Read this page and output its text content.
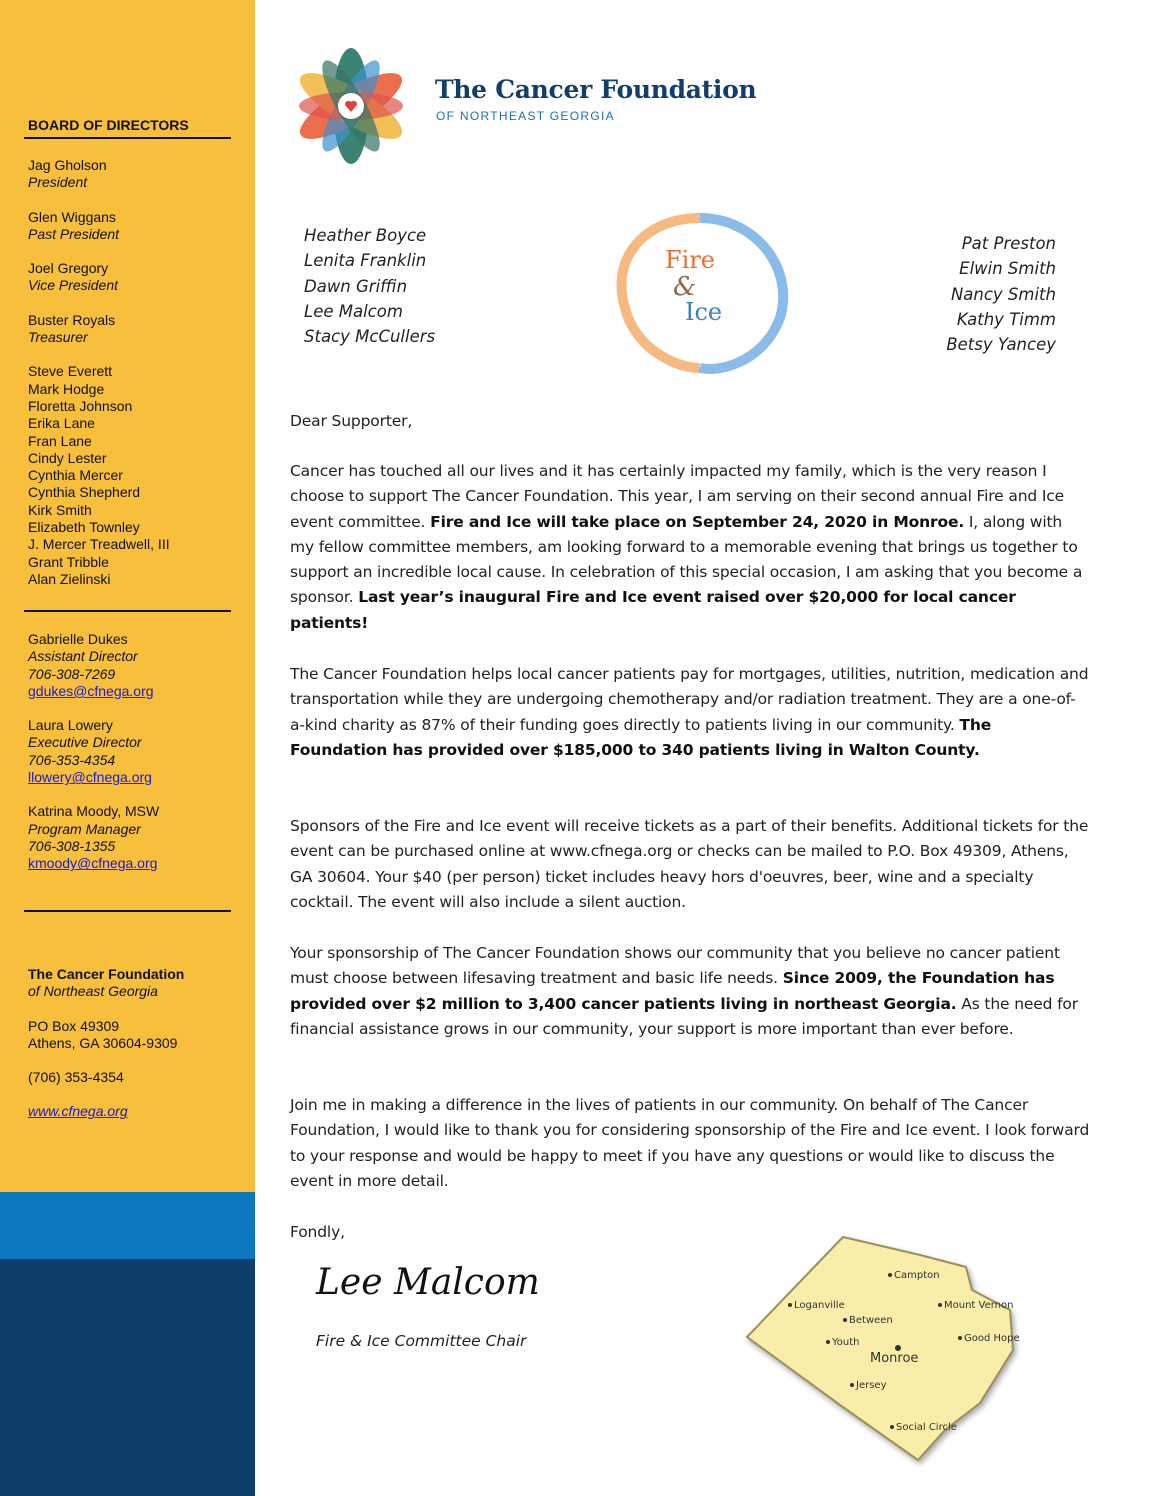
BOARD OF DIRECTORS
Jag Gholson
President
Glen Wiggans
Past President
Joel Gregory
Vice President
Buster Royals
Treasurer
Steve Everett
Mark Hodge
Floretta Johnson
Erika Lane
Fran Lane
Cindy Lester
Cynthia Mercer
Cynthia Shepherd
Kirk Smith
Elizabeth Townley
J. Mercer Treadwell, III
Grant Tribble
Alan Zielinski
Gabrielle Dukes
Assistant Director
706-308-7269
gdukes@cfnega.org
Laura Lowery
Executive Director
706-353-4354
llowery@cfnega.org
Katrina Moody, MSW
Program Manager
706-308-1355
kmoody@cfnega.org
The Cancer Foundation
of Northeast Georgia
PO Box 49309
Athens, GA 30604-9309
(706) 353-4354
www.cfnega.org
The Cancer Foundation
OF NORTHEAST GEORGIA
Heather Boyce
Lenita Franklin
Dawn Griffin
Lee Malcom
Stacy McCullers
Pat Preston
Elwin Smith
Nancy Smith
Kathy Timm
Betsy Yancey
Fire
&
Ice
Dear Supporter,
Cancer has touched all our lives and it has certainly impacted my family, which is the very reason I choose to support The Cancer Foundation. This year, I am serving on their second annual Fire and Ice event committee. Fire and Ice will take place on September 24, 2020 in Monroe. I, along with my fellow committee members, am looking forward to a memorable evening that brings us together to support an incredible local cause. In celebration of this special occasion, I am asking that you become a sponsor. Last year’s inaugural Fire and Ice event raised over $20,000 for local cancer patients!
The Cancer Foundation helps local cancer patients pay for mortgages, utilities, nutrition, medication and transportation while they are undergoing chemotherapy and/or radiation treatment. They are a one-of-a-kind charity as 87% of their funding goes directly to patients living in our community. The Foundation has provided over $185,000 to 340 patients living in Walton County.
Sponsors of the Fire and Ice event will receive tickets as a part of their benefits. Additional tickets for the event can be purchased online at www.cfnega.org or checks can be mailed to P.O. Box 49309, Athens, GA 30604. Your $40 (per person) ticket includes heavy hors d'oeuvres, beer, wine and a specialty cocktail. The event will also include a silent auction.
Your sponsorship of The Cancer Foundation shows our community that you believe no cancer patient must choose between lifesaving treatment and basic life needs. Since 2009, the Foundation has provided over $2 million to 3,400 cancer patients living in northeast Georgia. As the need for financial assistance grows in our community, your support is more important than ever before.
Join me in making a difference in the lives of patients in our community. On behalf of The Cancer Foundation, I would like to thank you for considering sponsorship of the Fire and Ice event. I look forward to your response and would be happy to meet if you have any questions or would like to discuss the event in more detail.
Fondly,
Lee Malcom
Fire & Ice Committee Chair
Campton
Loganville
Between
Mount Vernon
Youth
Monroe
Good Hope
Jersey
Social Circle
